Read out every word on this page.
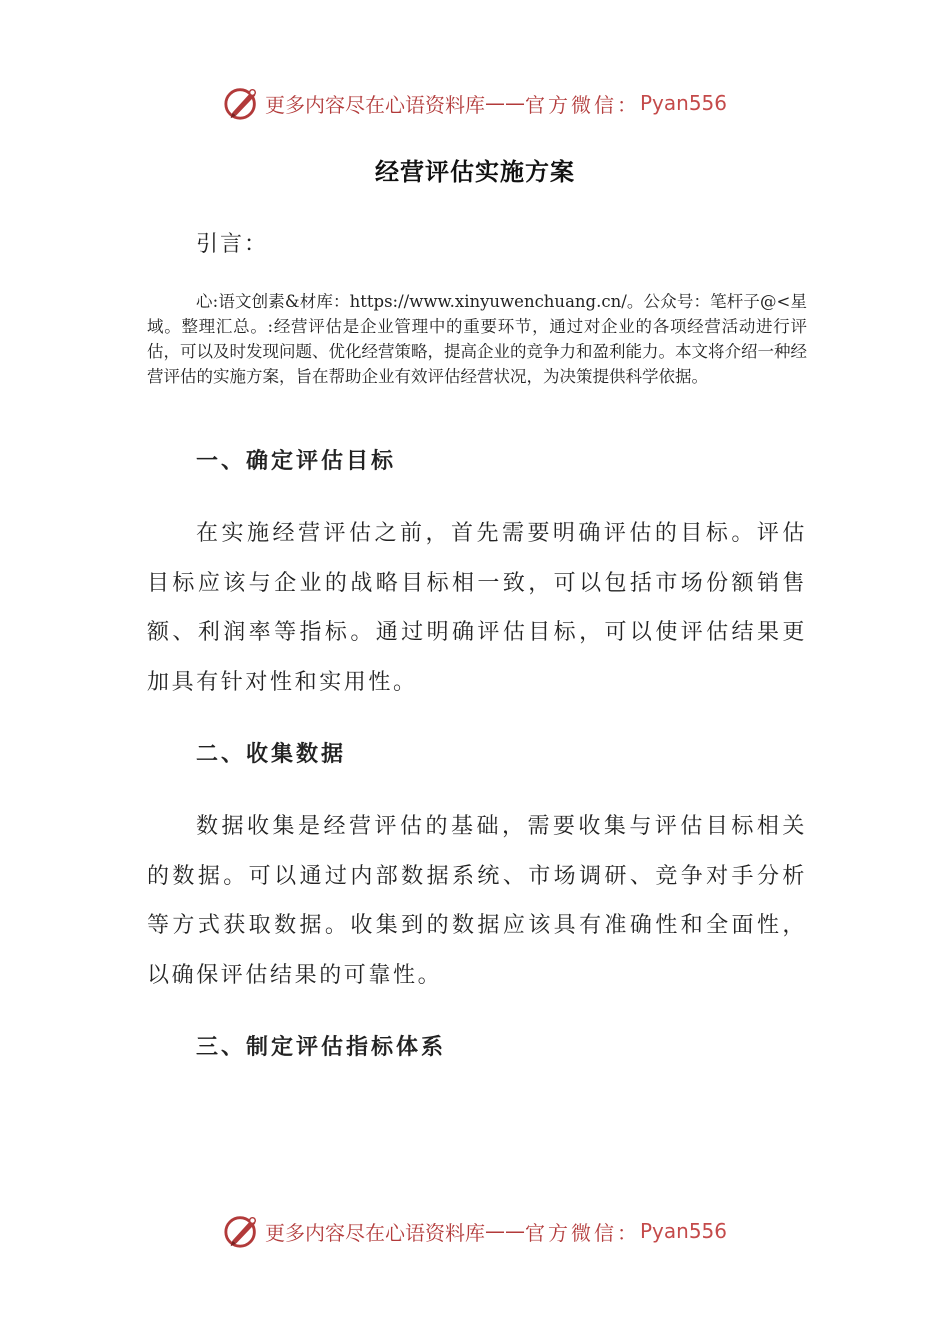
更多内容尽在心语资料库 —— 官方微信： Pyan556
经营评估实施方案
引言：

心:语文创素&材库：https://www.xinyuwenchuang.cn/。公众号：笔杆子@<星域。整理汇总。:经营评估是企业管理中的重要环节，通过对企业的各项经营活动进行评估，可以及时发现问题、优化经营策略，提高企业的竞争力和盈利能力。本文将介绍一种经营评估的实施方案，旨在帮助企业有效评估经营状况，为决策提供科学依据。

一、确定评估目标

在实施经营评估之前，首先需要明确评估的目标。评估目标应该与企业的战略目标相一致，可以包括市场份额销售额、利润率等指标。通过明确评估目标，可以使评估结果更加具有针对性和实用性。

二、收集数据

数据收集是经营评估的基础，需要收集与评估目标相关的数据。可以通过内部数据系统、市场调研、竞争对手分析等方式获取数据。收集到的数据应该具有准确性和全面性，以确保评估结果的可靠性。

三、制定评估指标体系
更多内容尽在心语资料库 —— 官方微信： Pyan556
